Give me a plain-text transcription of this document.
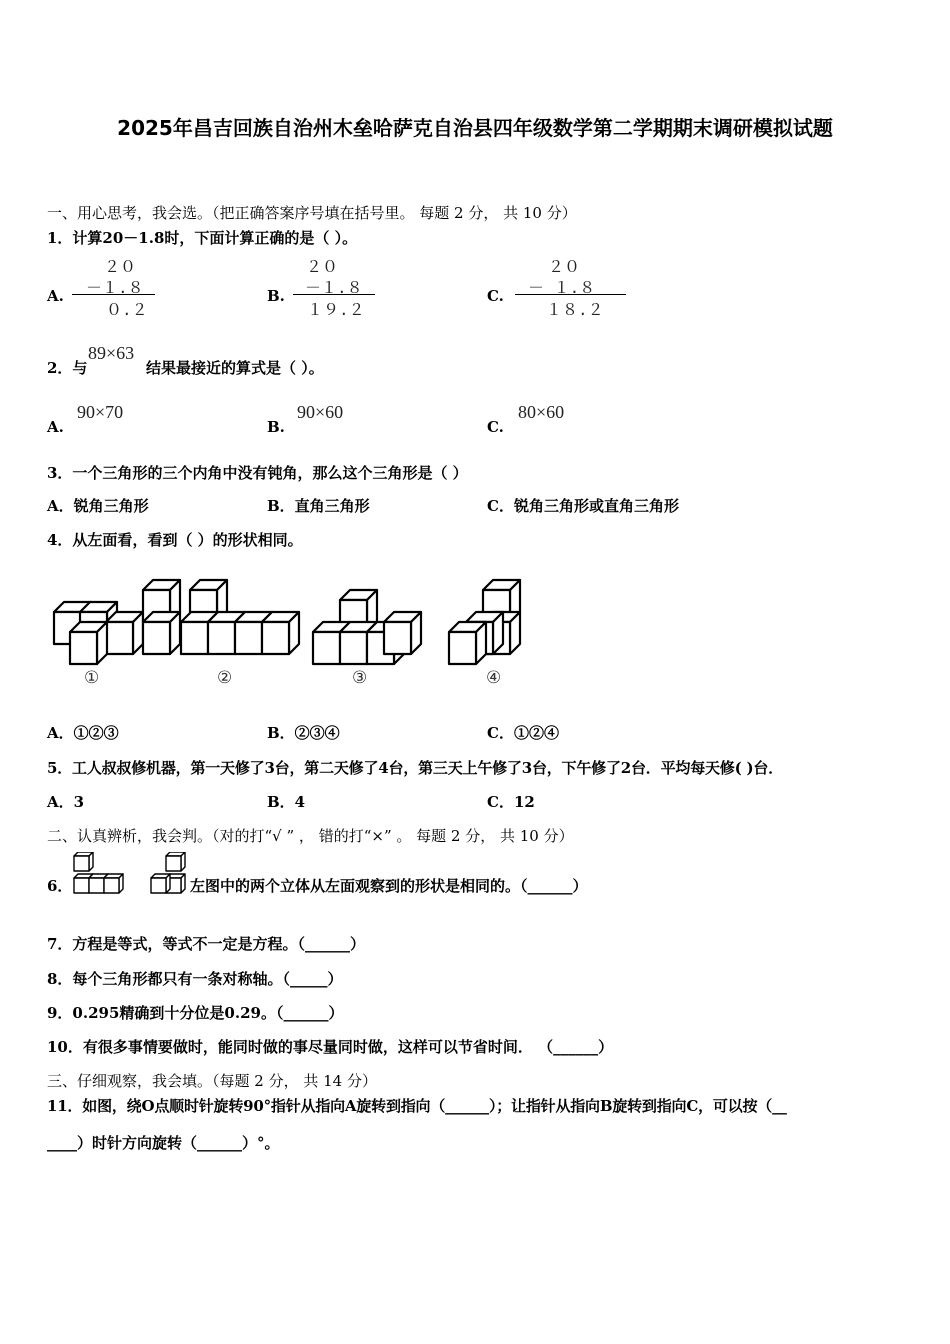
2025年昌吉回族自治州木垒哈萨克自治县四年级数学第二学期期末调研模拟试题
一、用心思考，我会选。（把正确答案序号填在括号里。 每题 2 分， 共 10 分）
1．计算20－1.8时，下面计算正确的是（ ）。
A.
２０
－１.８
０.２
B.
２０
－１.８
１９.２
C.
２０
－ １.８
１８.２
2．与
89×63
结果最接近的算式是（ ）。
A.
90×70
B.
90×60
C.
80×60
3．一个三角形的三个内角中没有钝角，那么这个三角形是（ ）
A．锐角三角形	B．直角三角形	C．锐角三角形或直角三角形
4．从左面看，看到（ ）的形状相同。
①	②	③	④
A．①②③	B．②③④	C．①②④
5．工人叔叔修机器，第一天修了3台，第二天修了4台，第三天上午修了3台，下午修了2台．平均每天修( )台．
A．3	B．4	C．12
二、认真辨析，我会判。（对的打“√ ” ， 错的打“×” 。 每题 2 分， 共 10 分）
6．	左图中的两个立体从左面观察到的形状是相同的。（______）
7．方程是等式，等式不一定是方程。（______）
8．每个三角形都只有一条对称轴。（_____）
9．0.295精确到十分位是0.29。（______）
10．有很多事情要做时，能同时做的事尽量同时做，这样可以节省时间． （______）
三、仔细观察，我会填。（每题 2 分， 共 14 分）
11．如图，绕O点顺时针旋转90°指针从指向A旋转到指向（______）；让指针从指向B旋转到指向C，可以按（__
____）时针方向旋转（______）°。
